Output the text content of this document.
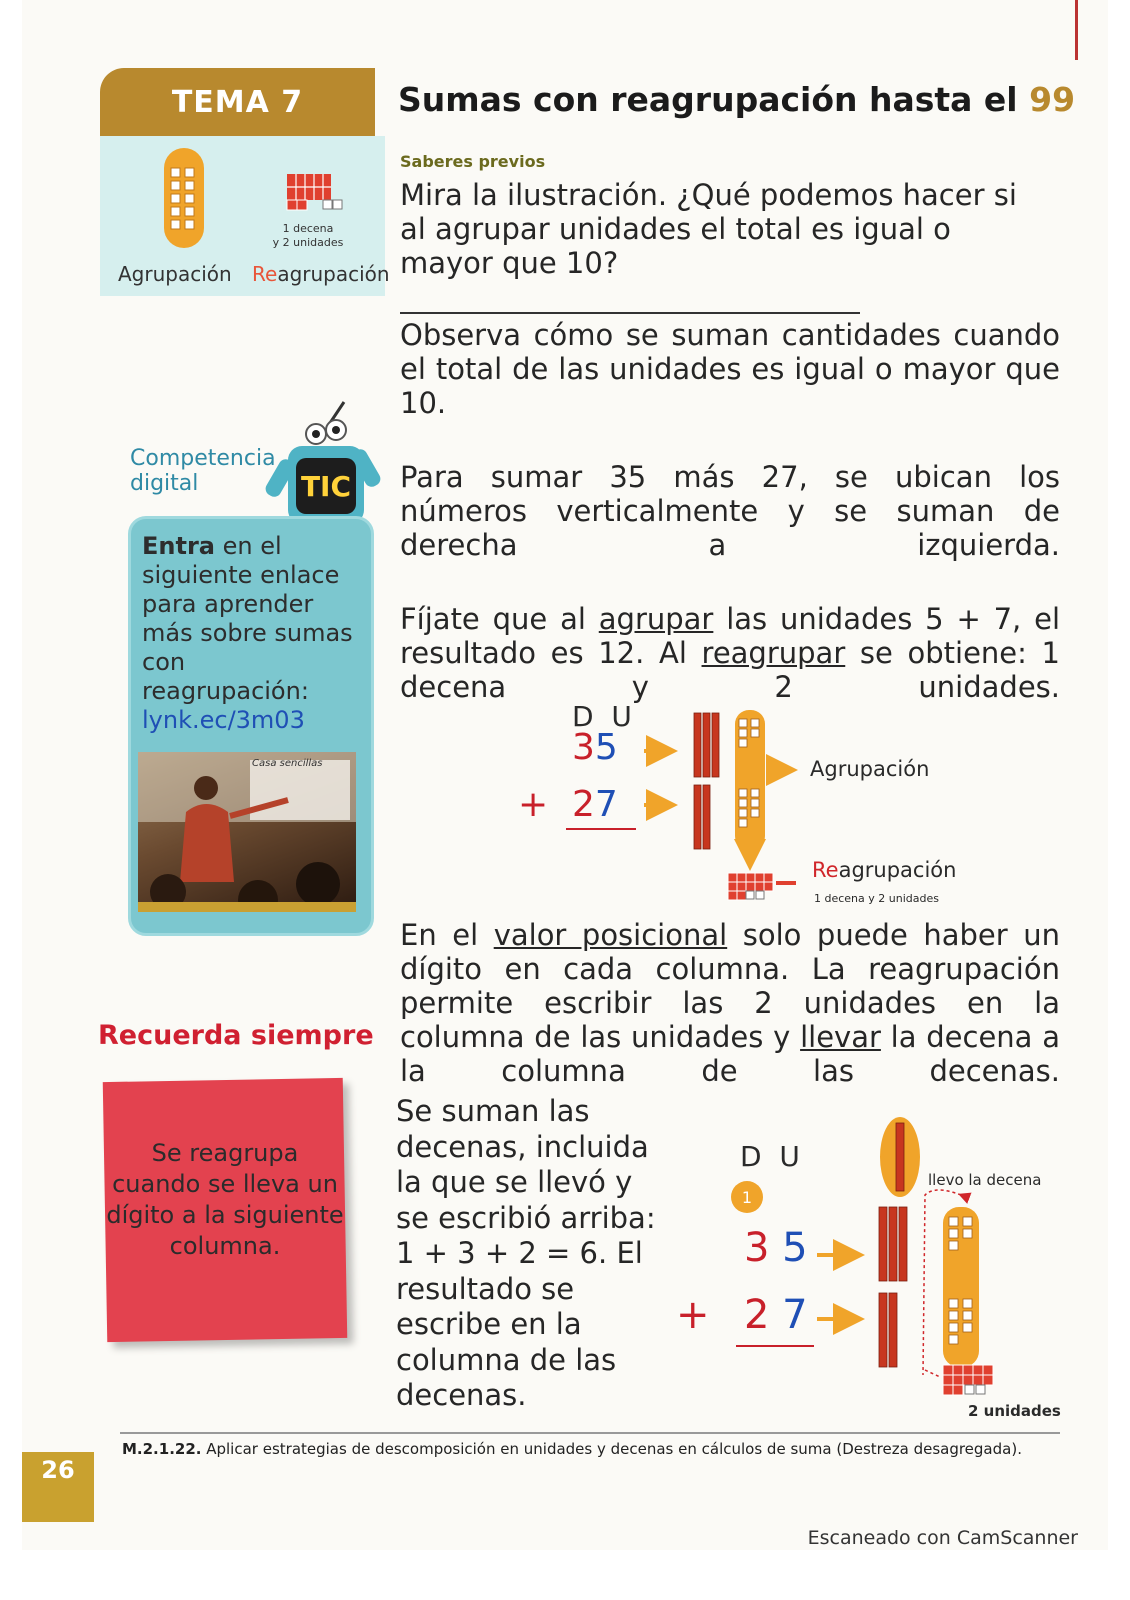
TEMA 7
1 decena
y 2 unidades
Agrupación Reagrupación
Sumas con reagrupación hasta el 99
Saberes previos
Mira la ilustración. ¿Qué podemos hacer si al agrupar unidades el total es igual o mayor que 10?
Observa cómo se suman cantidades cuando el total de las unidades es igual o mayor que 10.
Para sumar 35 más 27, se ubican los números verticalmente y se suman de derecha a izquierda.
Fíjate que al agrupar las unidades 5 + 7, el resultado es 12. Al reagrupar se obtiene: 1 decena y 2 unidades.
D U
35
+ 27
Agrupación
Reagrupación
1 decena y 2 unidades
En el valor posicional solo puede haber un dígito en cada columna. La reagrupación permite escribir las 2 unidades en la columna de las unidades y llevar la decena a la columna de las decenas.
Se suman las decenas, incluida la que se llevó y se escribió arriba: 1 + 3 + 2 = 6. El resultado se escribe en la columna de las decenas.
D U
1
3 5
+ 2 7
llevo la decena
2 unidades
Competencia
digital	TIC
Entra en el siguiente enlace para aprender más sobre sumas con reagrupación:
lynk.ec/3m03
Casa sencillas
Recuerda siempre
Se reagrupa cuando se lleva un dígito a la siguiente columna.
M.2.1.22. Aplicar estrategias de descomposición en unidades y decenas en cálculos de suma (Destreza desagregada).
26
Escaneado con CamScanner
